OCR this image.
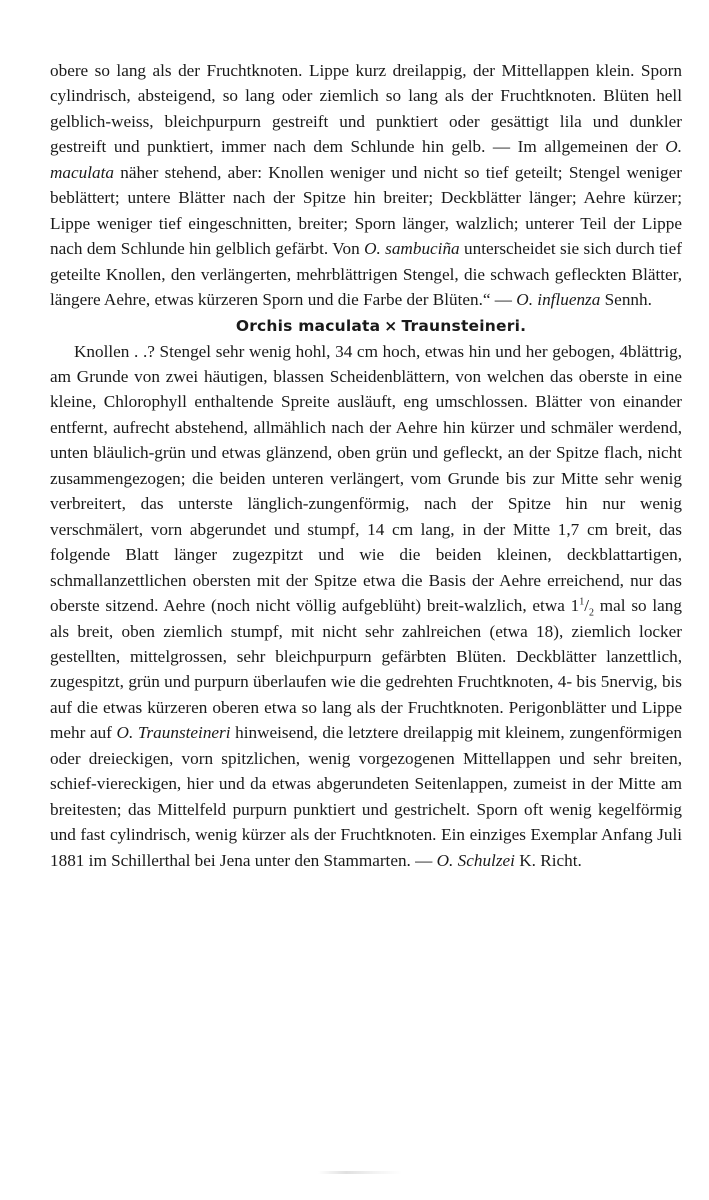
obere so lang als der Fruchtknoten. Lippe kurz dreilappig, der Mittellappen klein. Sporn cylindrisch, absteigend, so lang oder ziemlich so lang als der Fruchtknoten. Blüten hell gelblich-weiss, bleichpurpurn gestreift und punktiert oder gesättigt lila und dunkler gestreift und punktiert, immer nach dem Schlunde hin gelb. — Im allgemeinen der O. maculata näher stehend, aber: Knollen weniger und nicht so tief geteilt; Stengel weniger beblättert; untere Blätter nach der Spitze hin breiter; Deckblätter länger; Aehre kürzer; Lippe weniger tief eingeschnitten, breiter; Sporn länger, walzlich; unterer Teil der Lippe nach dem Schlunde hin gelblich gefärbt. Von O. sambuciña unterscheidet sie sich durch tief geteilte Knollen, den verlängerten, mehrblättrigen Stengel, die schwach gefleckten Blätter, längere Aehre, etwas kürzeren Sporn und die Farbe der Blüten.“ — O. influenza Sennh.

Orchis maculata × Traunsteineri.

Knollen . .? Stengel sehr wenig hohl, 34 cm hoch, etwas hin und her gebogen, 4blättrig, am Grunde von zwei häutigen, blassen Scheidenblättern, von welchen das oberste in eine kleine, Chlorophyll enthaltende Spreite ausläuft, eng umschlossen. Blätter von einander entfernt, aufrecht abstehend, allmählich nach der Aehre hin kürzer und schmäler werdend, unten bläulich-grün und etwas glänzend, oben grün und gefleckt, an der Spitze flach, nicht zusammengezogen; die beiden unteren verlängert, vom Grunde bis zur Mitte sehr wenig verbreitert, das unterste länglich-zungenförmig, nach der Spitze hin nur wenig verschmälert, vorn abgerundet und stumpf, 14 cm lang, in der Mitte 1,7 cm breit, das folgende Blatt länger zugezpitzt und wie die beiden kleinen, deckblattartigen, schmallanzettlichen obersten mit der Spitze etwa die Basis der Aehre erreichend, nur das oberste sitzend. Aehre (noch nicht völlig aufgeblüht) breit-walzlich, etwa $1^1/_2$ mal so lang als breit, oben ziemlich stumpf, mit nicht sehr zahlreichen (etwa 18), ziemlich locker gestellten, mittelgrossen, sehr bleichpurpurn gefärbten Blüten. Deckblätter lanzettlich, zugespitzt, grün und purpurn überlaufen wie die gedrehten Fruchtknoten, 4- bis 5nervig, bis auf die etwas kürzeren oberen etwa so lang als der Fruchtknoten. Perigonblätter und Lippe mehr auf O. Traunsteineri hinweisend, die letztere dreilappig mit kleinem, zungenförmigen oder dreieckigen, vorn spitzlichen, wenig vorgezogenen Mittellappen und sehr breiten, schief-viereckigen, hier und da etwas abgerundeten Seitenlappen, zumeist in der Mitte am breitesten; das Mittelfeld purpurn punktiert und gestrichelt. Sporn oft wenig kegelförmig und fast cylindrisch, wenig kürzer als der Fruchtknoten. Ein einziges Exemplar Anfang Juli 1881 im Schillerthal bei Jena unter den Stammarten. — O. Schulzei K. Richt.
